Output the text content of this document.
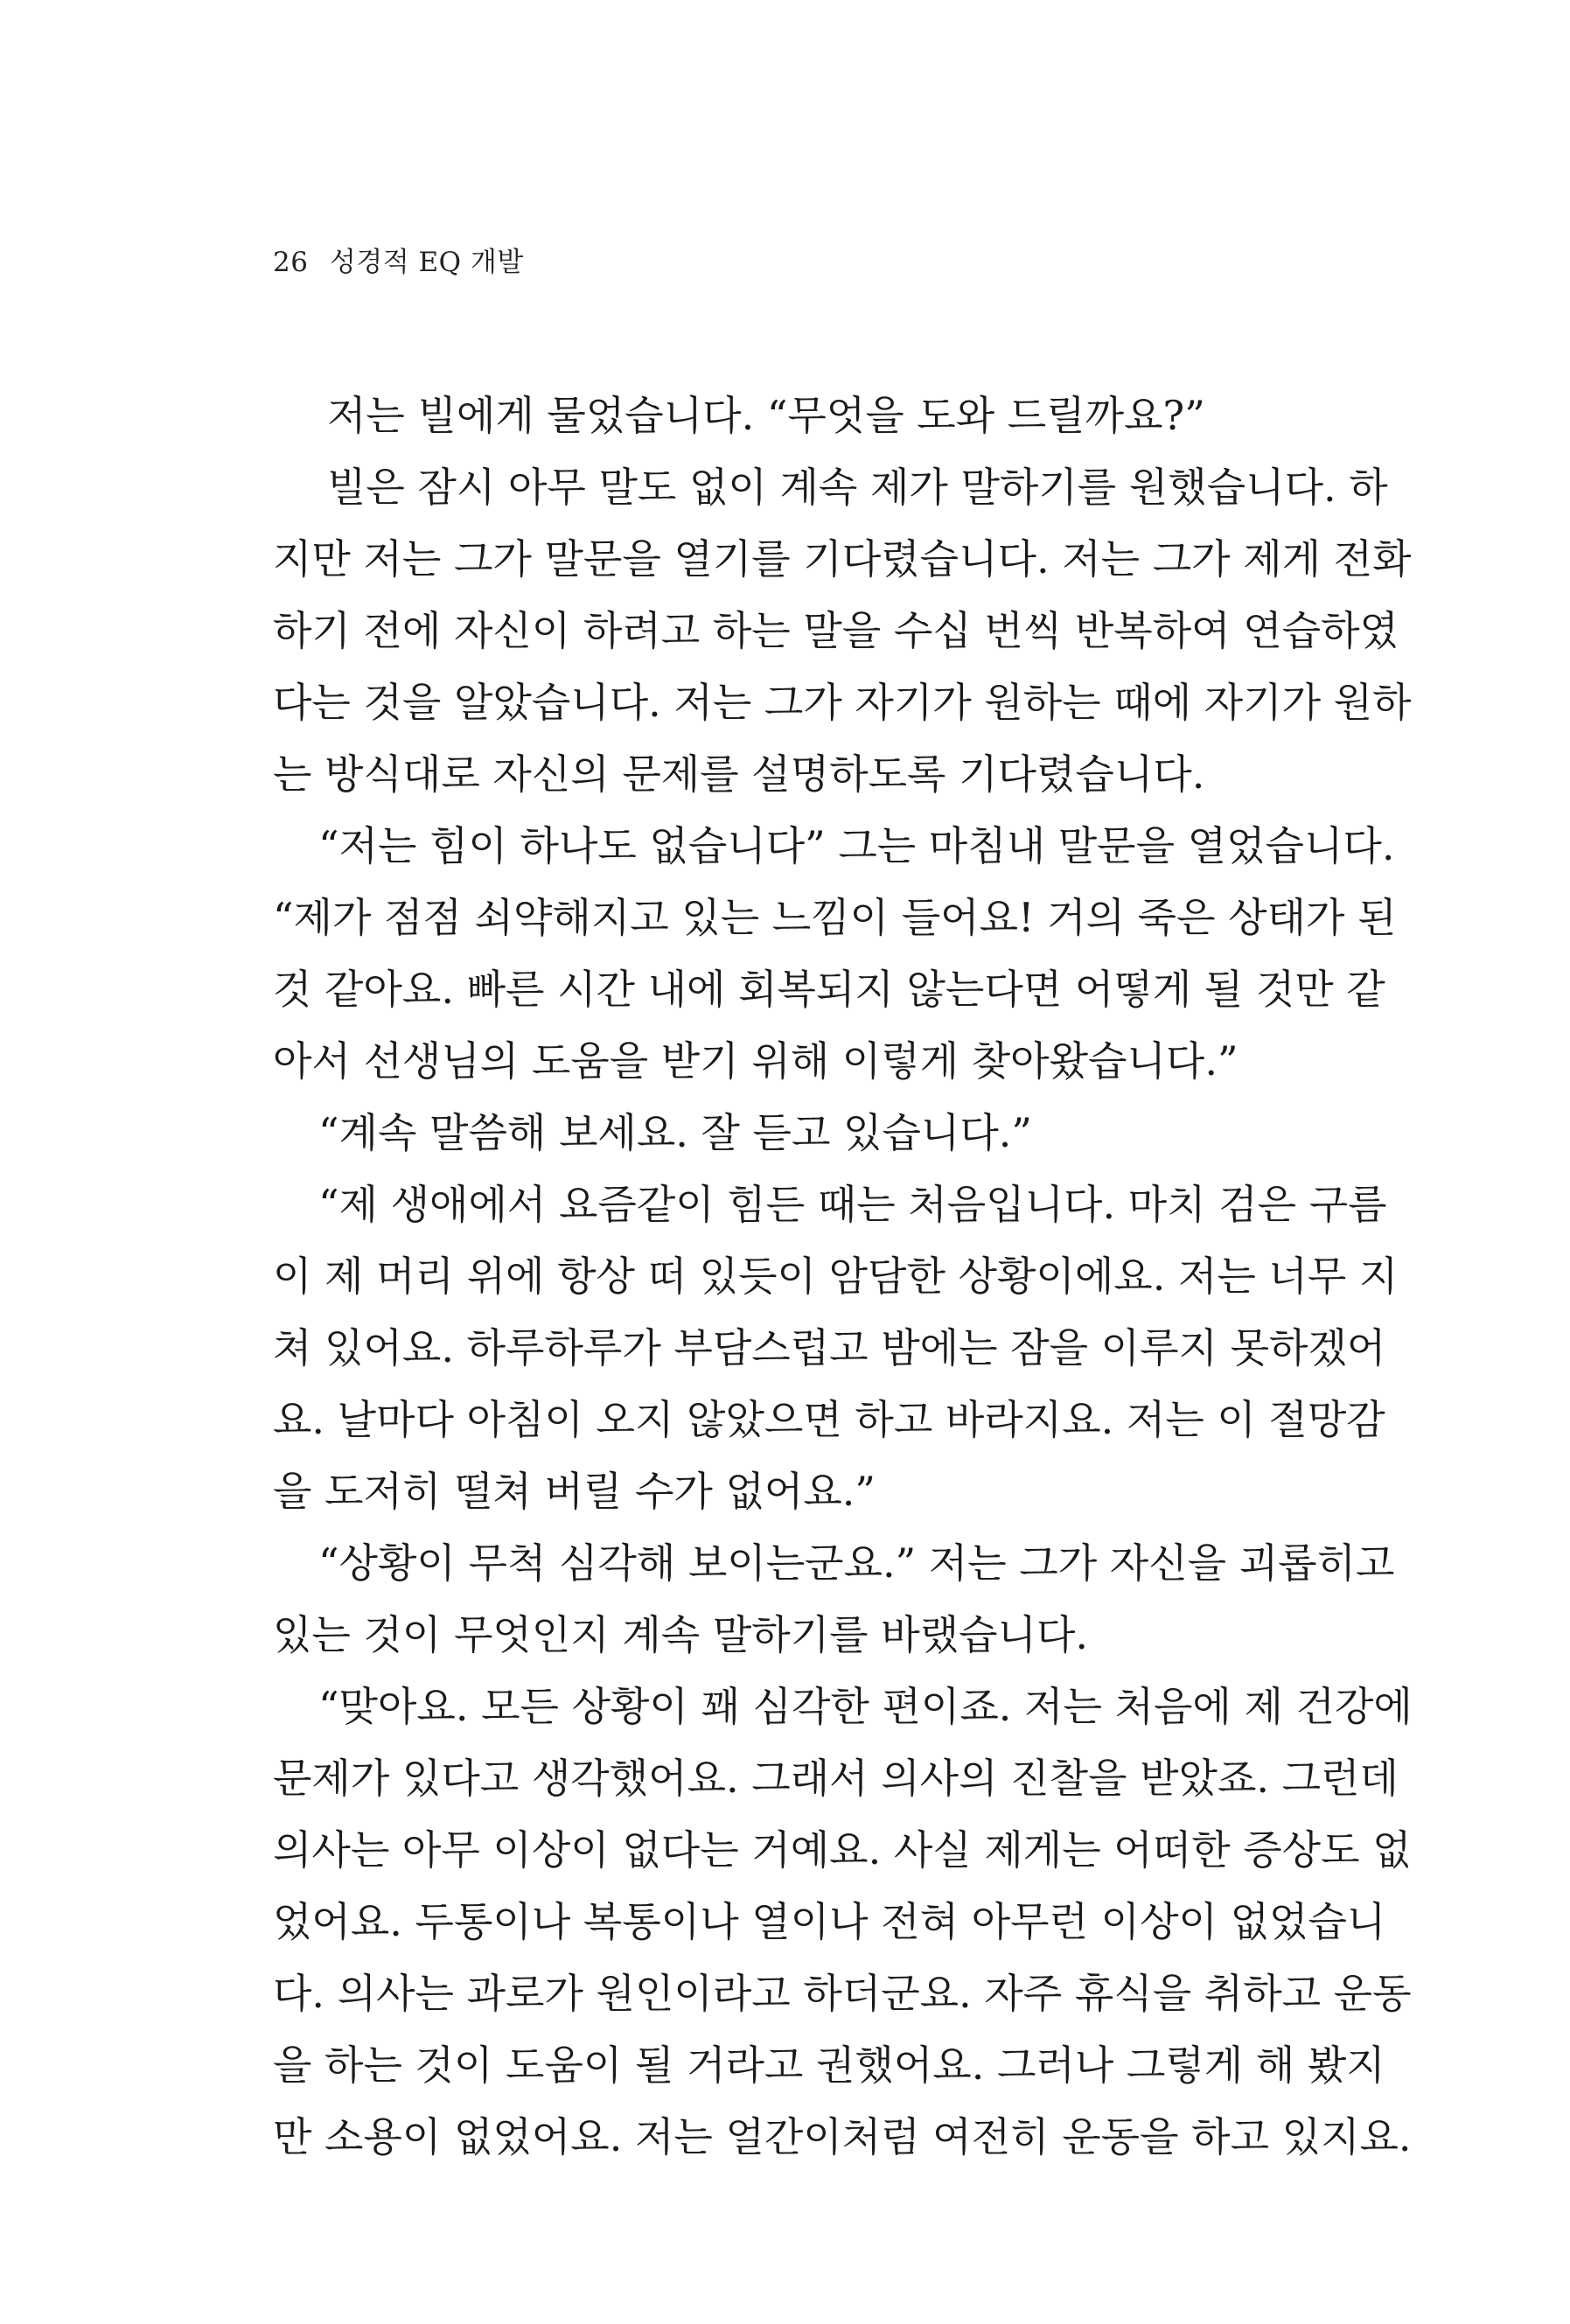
26 성경적 EQ 개발
저는 빌에게 물었습니다. “무엇을 도와 드릴까요?”
빌은 잠시 아무 말도 없이 계속 제가 말하기를 원했습니다. 하
지만 저는 그가 말문을 열기를 기다렸습니다. 저는 그가 제게 전화
하기 전에 자신이 하려고 하는 말을 수십 번씩 반복하여 연습하였
다는 것을 알았습니다. 저는 그가 자기가 원하는 때에 자기가 원하
는 방식대로 자신의 문제를 설명하도록 기다렸습니다.
“저는 힘이 하나도 없습니다” 그는 마침내 말문을 열었습니다.
“제가 점점 쇠약해지고 있는 느낌이 들어요! 거의 죽은 상태가 된
것 같아요. 빠른 시간 내에 회복되지 않는다면 어떻게 될 것만 같
아서 선생님의 도움을 받기 위해 이렇게 찾아왔습니다.”
“계속 말씀해 보세요. 잘 듣고 있습니다.”
“제 생애에서 요즘같이 힘든 때는 처음입니다. 마치 검은 구름
이 제 머리 위에 항상 떠 있듯이 암담한 상황이에요. 저는 너무 지
쳐 있어요. 하루하루가 부담스럽고 밤에는 잠을 이루지 못하겠어
요. 날마다 아침이 오지 않았으면 하고 바라지요. 저는 이 절망감
을 도저히 떨쳐 버릴 수가 없어요.”
“상황이 무척 심각해 보이는군요.” 저는 그가 자신을 괴롭히고
있는 것이 무엇인지 계속 말하기를 바랬습니다.
“맞아요. 모든 상황이 꽤 심각한 편이죠. 저는 처음에 제 건강에
문제가 있다고 생각했어요. 그래서 의사의 진찰을 받았죠. 그런데
의사는 아무 이상이 없다는 거예요. 사실 제게는 어떠한 증상도 없
었어요. 두통이나 복통이나 열이나 전혀 아무런 이상이 없었습니
다. 의사는 과로가 원인이라고 하더군요. 자주 휴식을 취하고 운동
을 하는 것이 도움이 될 거라고 권했어요. 그러나 그렇게 해 봤지
만 소용이 없었어요. 저는 얼간이처럼 여전히 운동을 하고 있지요.
